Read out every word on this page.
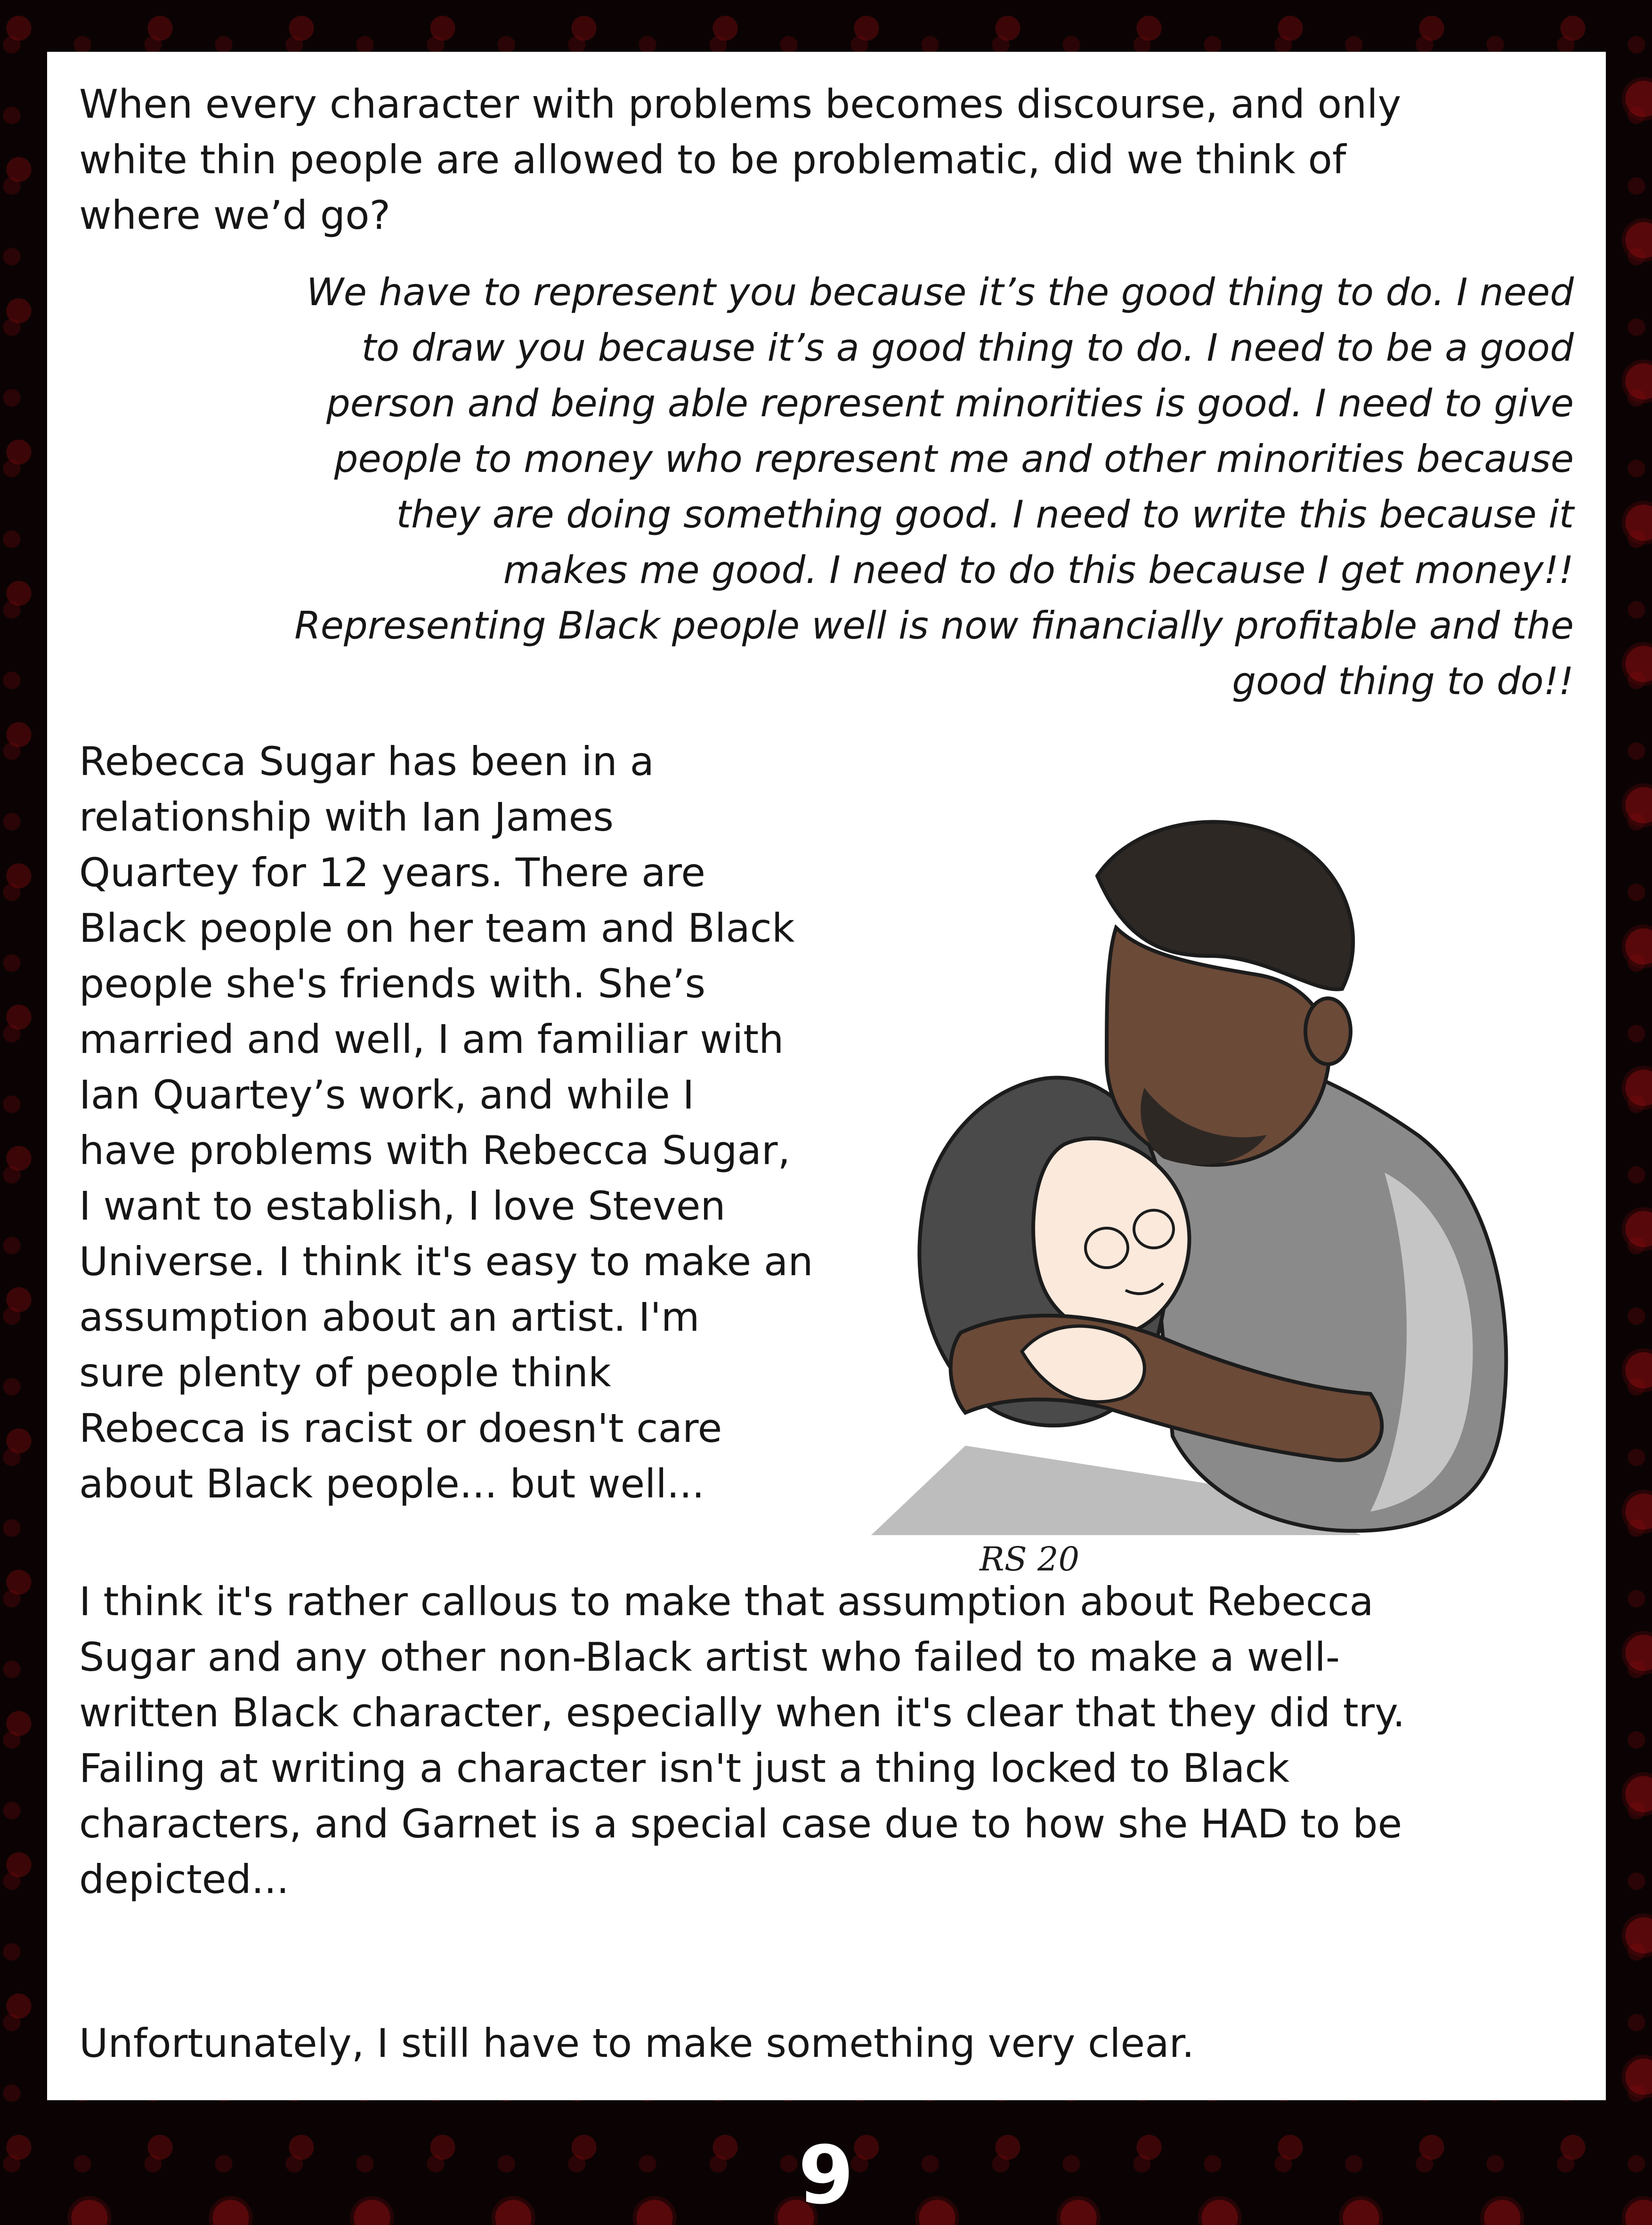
When every character with problems becomes discourse, and only
white thin people are allowed to be problematic, did we think of
where we’d go?

We have to represent you because it’s the good thing to do. I need
to draw you because it’s a good thing to do. I need to be a good
person and being able represent minorities is good. I need to give
people to money who represent me and other minorities because
they are doing something good. I need to write this because it
makes me good. I need to do this because I get money!!
Representing Black people well is now financially profitable and the
good thing to do!!

Rebecca Sugar has been in a
relationship with Ian James
Quartey for 12 years. There are
Black people on her team and Black
people she's friends with. She’s
married and well, I am familiar with
Ian Quartey’s work, and while I
have problems with Rebecca Sugar,
I want to establish, I love Steven
Universe. I think it's easy to make an
assumption about an artist. I'm
sure plenty of people think
Rebecca is racist or doesn't care
about Black people... but well...

RS 20

I think it's rather callous to make that assumption about Rebecca
Sugar and any other non-Black artist who failed to make a well-
written Black character, especially when it's clear that they did try.
Failing at writing a character isn't just a thing locked to Black
characters, and Garnet is a special case due to how she HAD to be
depicted...

Unfortunately, I still have to make something very clear.

9
